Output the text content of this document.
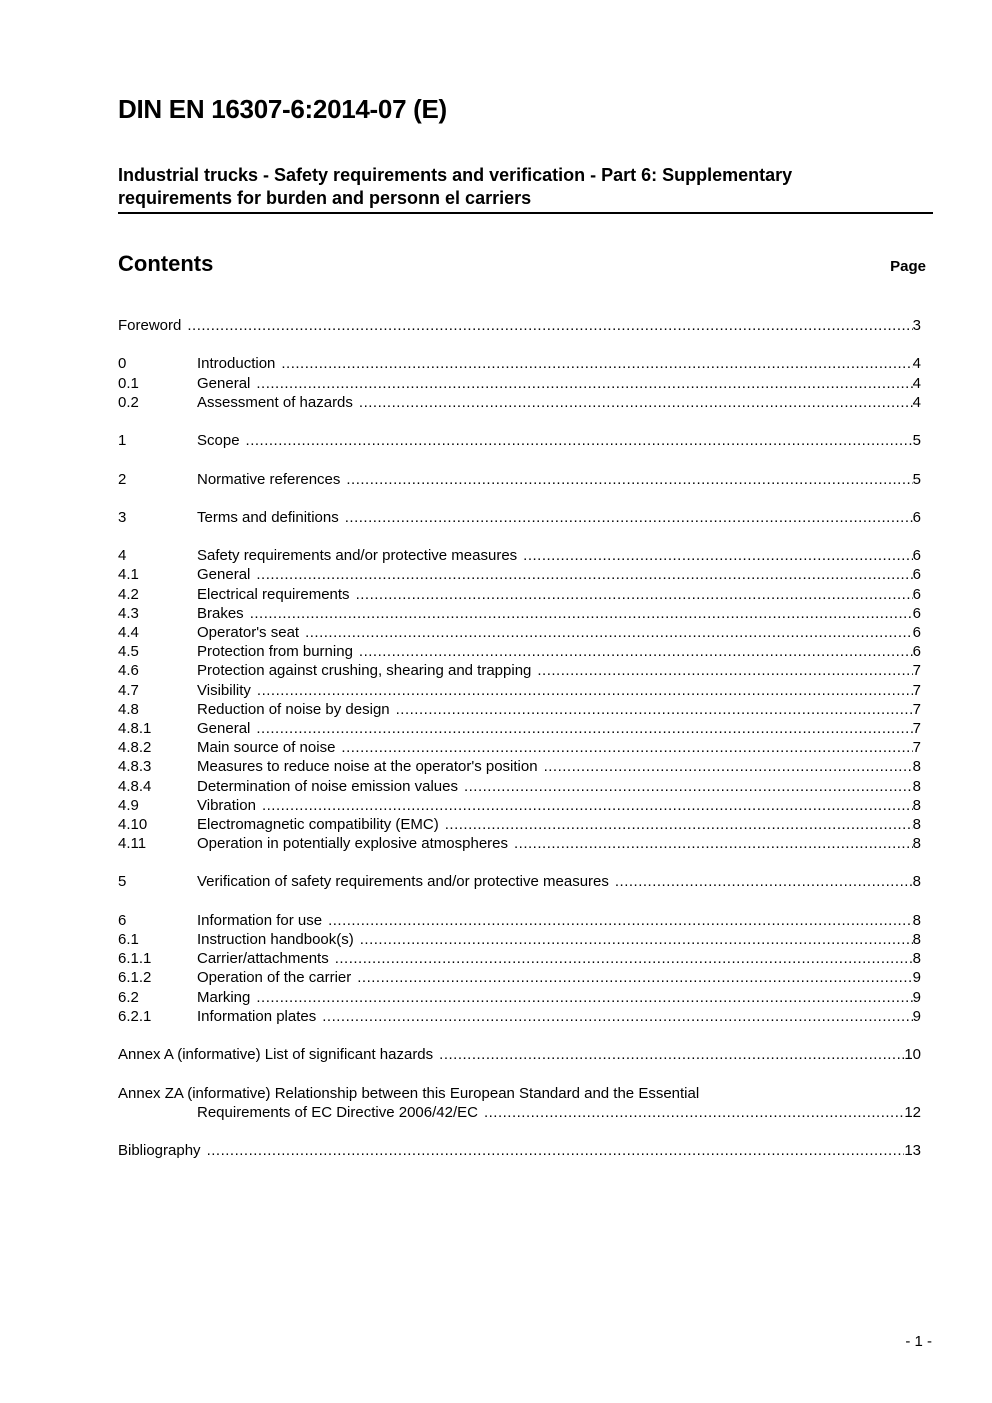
DIN EN 16307-6:2014-07 (E)
Industrial trucks - Safety requirements and verification - Part 6: Supplementary
requirements for burden and personn el carriers
Contents	Page
Foreword .....	3
0	Introduction .....	4
0.1	General .....	4
0.2	Assessment of hazards .....	4
1	Scope .....	5
2	Normative references .....	5
3	Terms and definitions .....	6
4	Safety requirements and/or protective measures .....	6
4.1	General .....	6
4.2	Electrical requirements .....	6
4.3	Brakes .....	6
4.4	Operator's seat .....	6
4.5	Protection from burning .....	6
4.6	Protection against crushing, shearing and trapping .....	7
4.7	Visibility .....	7
4.8	Reduction of noise by design .....	7
4.8.1	General .....	7
4.8.2	Main source of noise .....	7
4.8.3	Measures to reduce noise at the operator's position .....	8
4.8.4	Determination of noise emission values .....	8
4.9	Vibration .....	8
4.10	Electromagnetic compatibility (EMC) .....	8
4.11	Operation in potentially explosive atmospheres .....	8
5	Verification of safety requirements and/or protective measures .....	8
6	Information for use .....	8
6.1	Instruction handbook(s) .....	8
6.1.1	Carrier/attachments .....	8
6.1.2	Operation of the carrier .....	9
6.2	Marking .....	9
6.2.1	Information plates .....	9
Annex A (informative) List of significant hazards .....	10
Annex ZA (informative) Relationship between this European Standard and the Essential
Requirements of EC Directive 2006/42/EC .....	12
Bibliography .....	13
- 1 -
